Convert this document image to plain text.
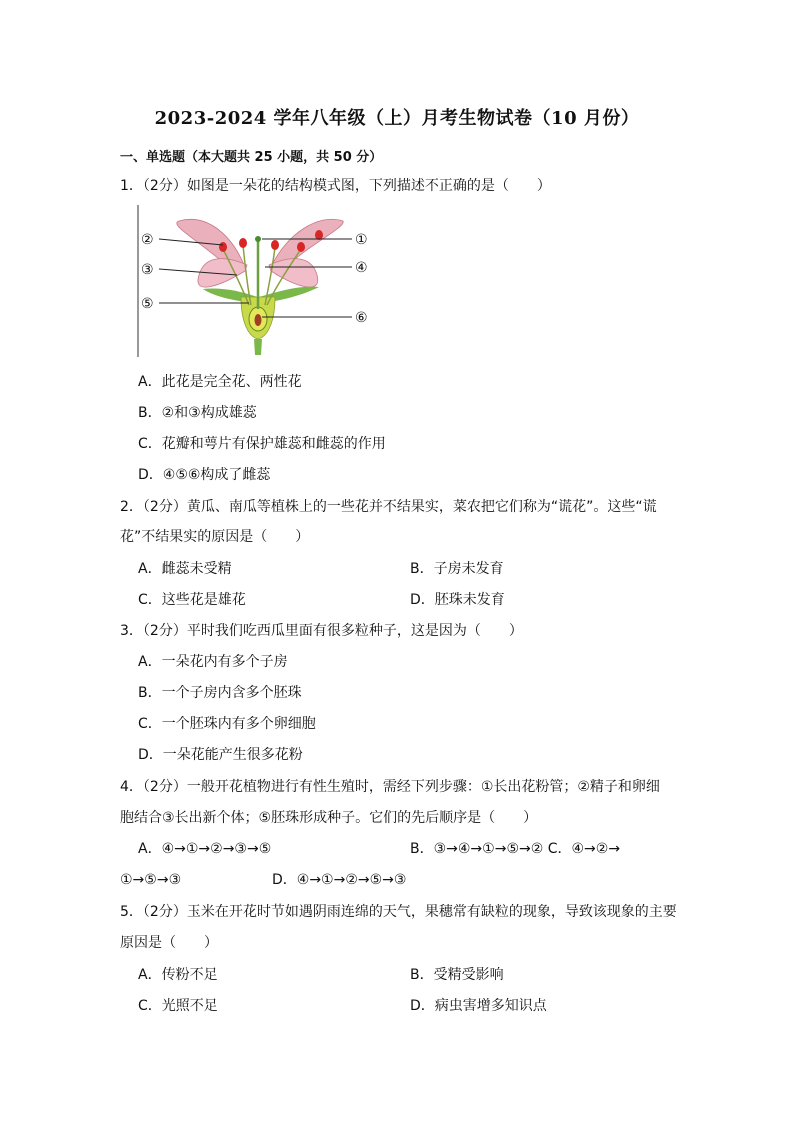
2023-2024 学年八年级（上）月考生物试卷（10 月份）
一、单选题（本大题共 25 小题，共 50 分）
1．（2分）如图是一朵花的结构模式图，下列描述不正确的是（　　）
①
②
③	④
⑤
⑥
A．此花是完全花、两性花
B．②和③构成雄蕊
C．花瓣和萼片有保护雄蕊和雌蕊的作用
D．④⑤⑥构成了雌蕊
2．（2分）黄瓜、南瓜等植株上的一些花并不结果实，菜农把它们称为“谎花”。这些“谎
花”不结果实的原因是（　　）
A．雌蕊未受精	B．子房未发育
C．这些花是雄花	D．胚珠未发育
3．（2分）平时我们吃西瓜里面有很多粒种子，这是因为（　　）
A．一朵花内有多个子房
B．一个子房内含多个胚珠
C．一个胚珠内有多个卵细胞
D．一朵花能产生很多花粉
4．（2分）一般开花植物进行有性生殖时，需经下列步骤：①长出花粉管；②精子和卵细
胞结合③长出新个体；⑤胚珠形成种子。它们的先后顺序是（　　）
A．④→①→②→③→⑤	B．③→④→①→⑤→② C．④→②→
①→⑤→③	D．④→①→②→⑤→③
5．（2分）玉米在开花时节如遇阴雨连绵的天气，果穗常有缺粒的现象，导致该现象的主要
原因是（　　）
A．传粉不足	B．受精受影响
C．光照不足	D．病虫害增多知识点
